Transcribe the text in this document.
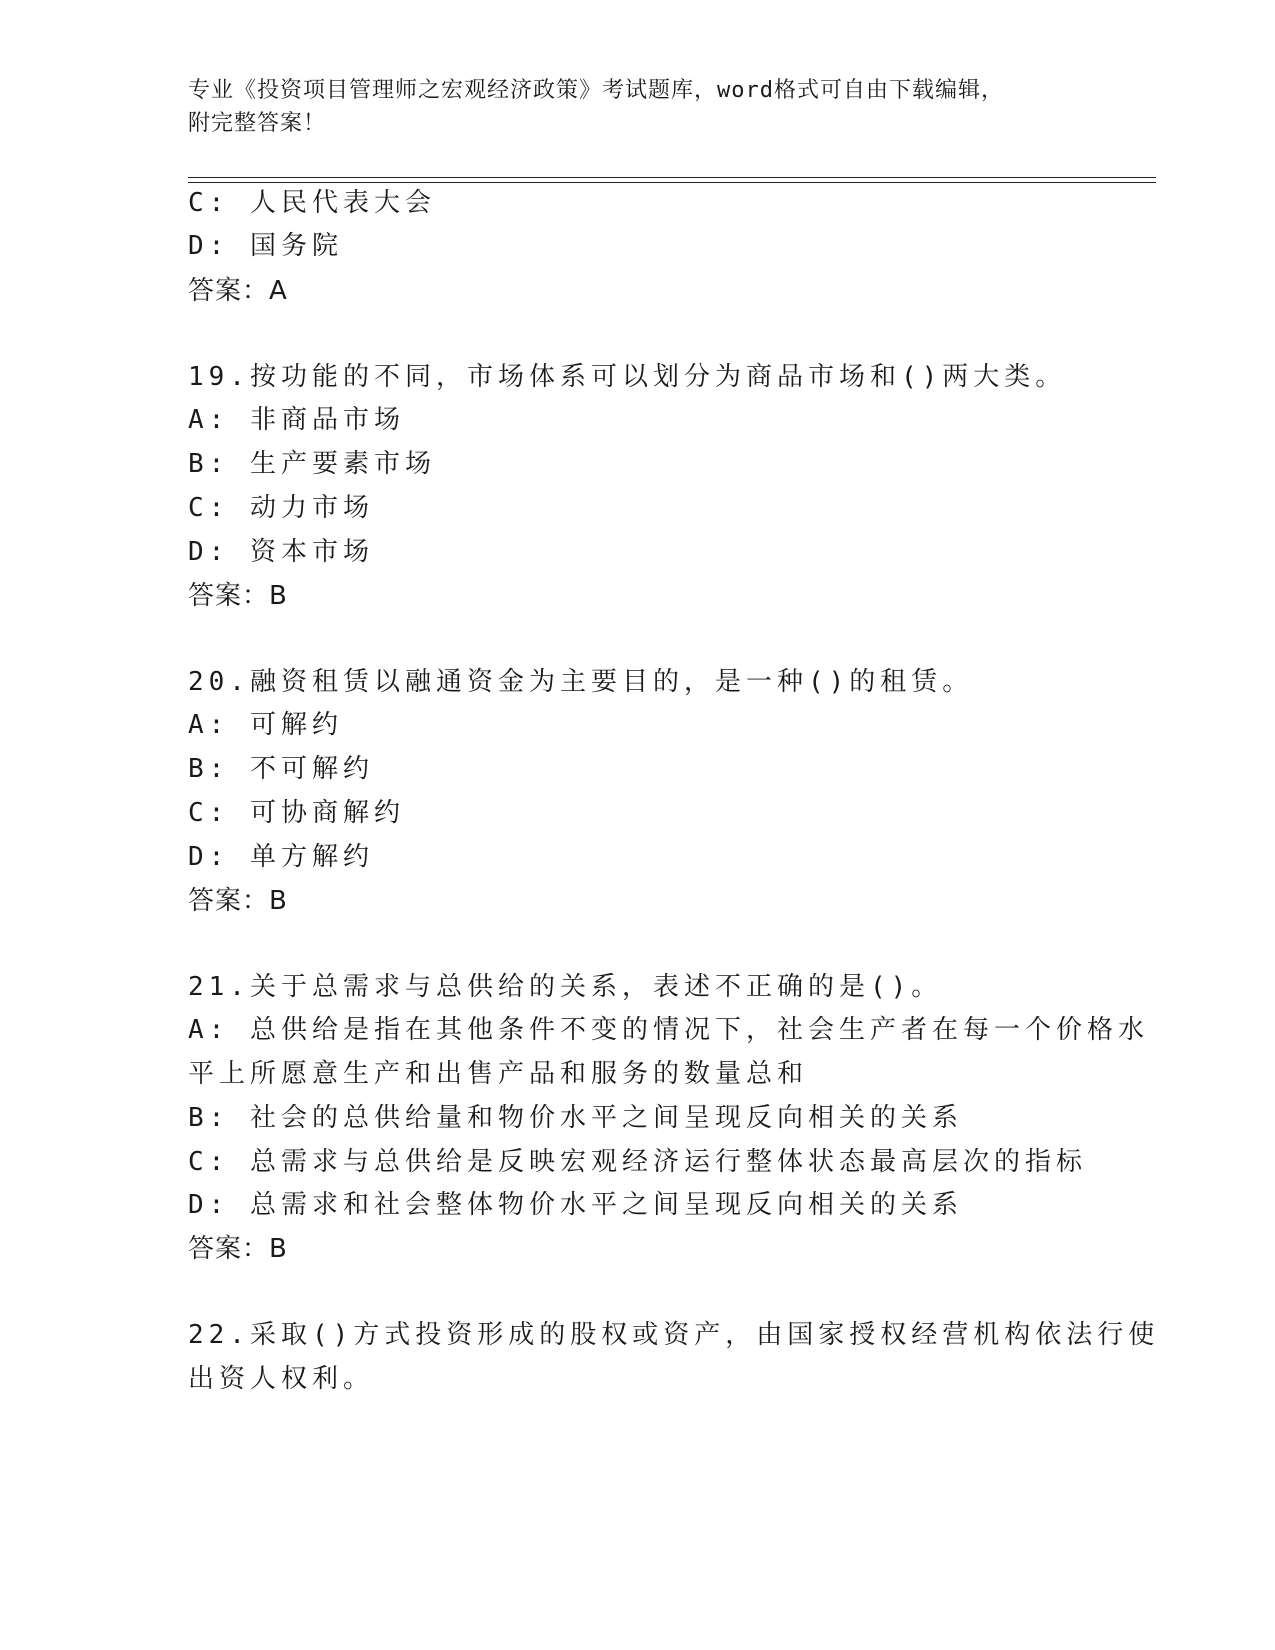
专业《投资项目管理师之宏观经济政策》考试题库，word格式可自由下载编辑，
附完整答案！
C: 人民代表大会
D: 国务院
答案：A
19.按功能的不同，市场体系可以划分为商品市场和()两大类。
A: 非商品市场
B: 生产要素市场
C: 动力市场
D: 资本市场
答案：B
20.融资租赁以融通资金为主要目的，是一种()的租赁。
A: 可解约
B: 不可解约
C: 可协商解约
D: 单方解约
答案：B
21.关于总需求与总供给的关系，表述不正确的是()。
A: 总供给是指在其他条件不变的情况下，社会生产者在每一个价格水
平上所愿意生产和出售产品和服务的数量总和
B: 社会的总供给量和物价水平之间呈现反向相关的关系
C: 总需求与总供给是反映宏观经济运行整体状态最高层次的指标
D: 总需求和社会整体物价水平之间呈现反向相关的关系
答案：B
22.采取()方式投资形成的股权或资产，由国家授权经营机构依法行使
出资人权利。
